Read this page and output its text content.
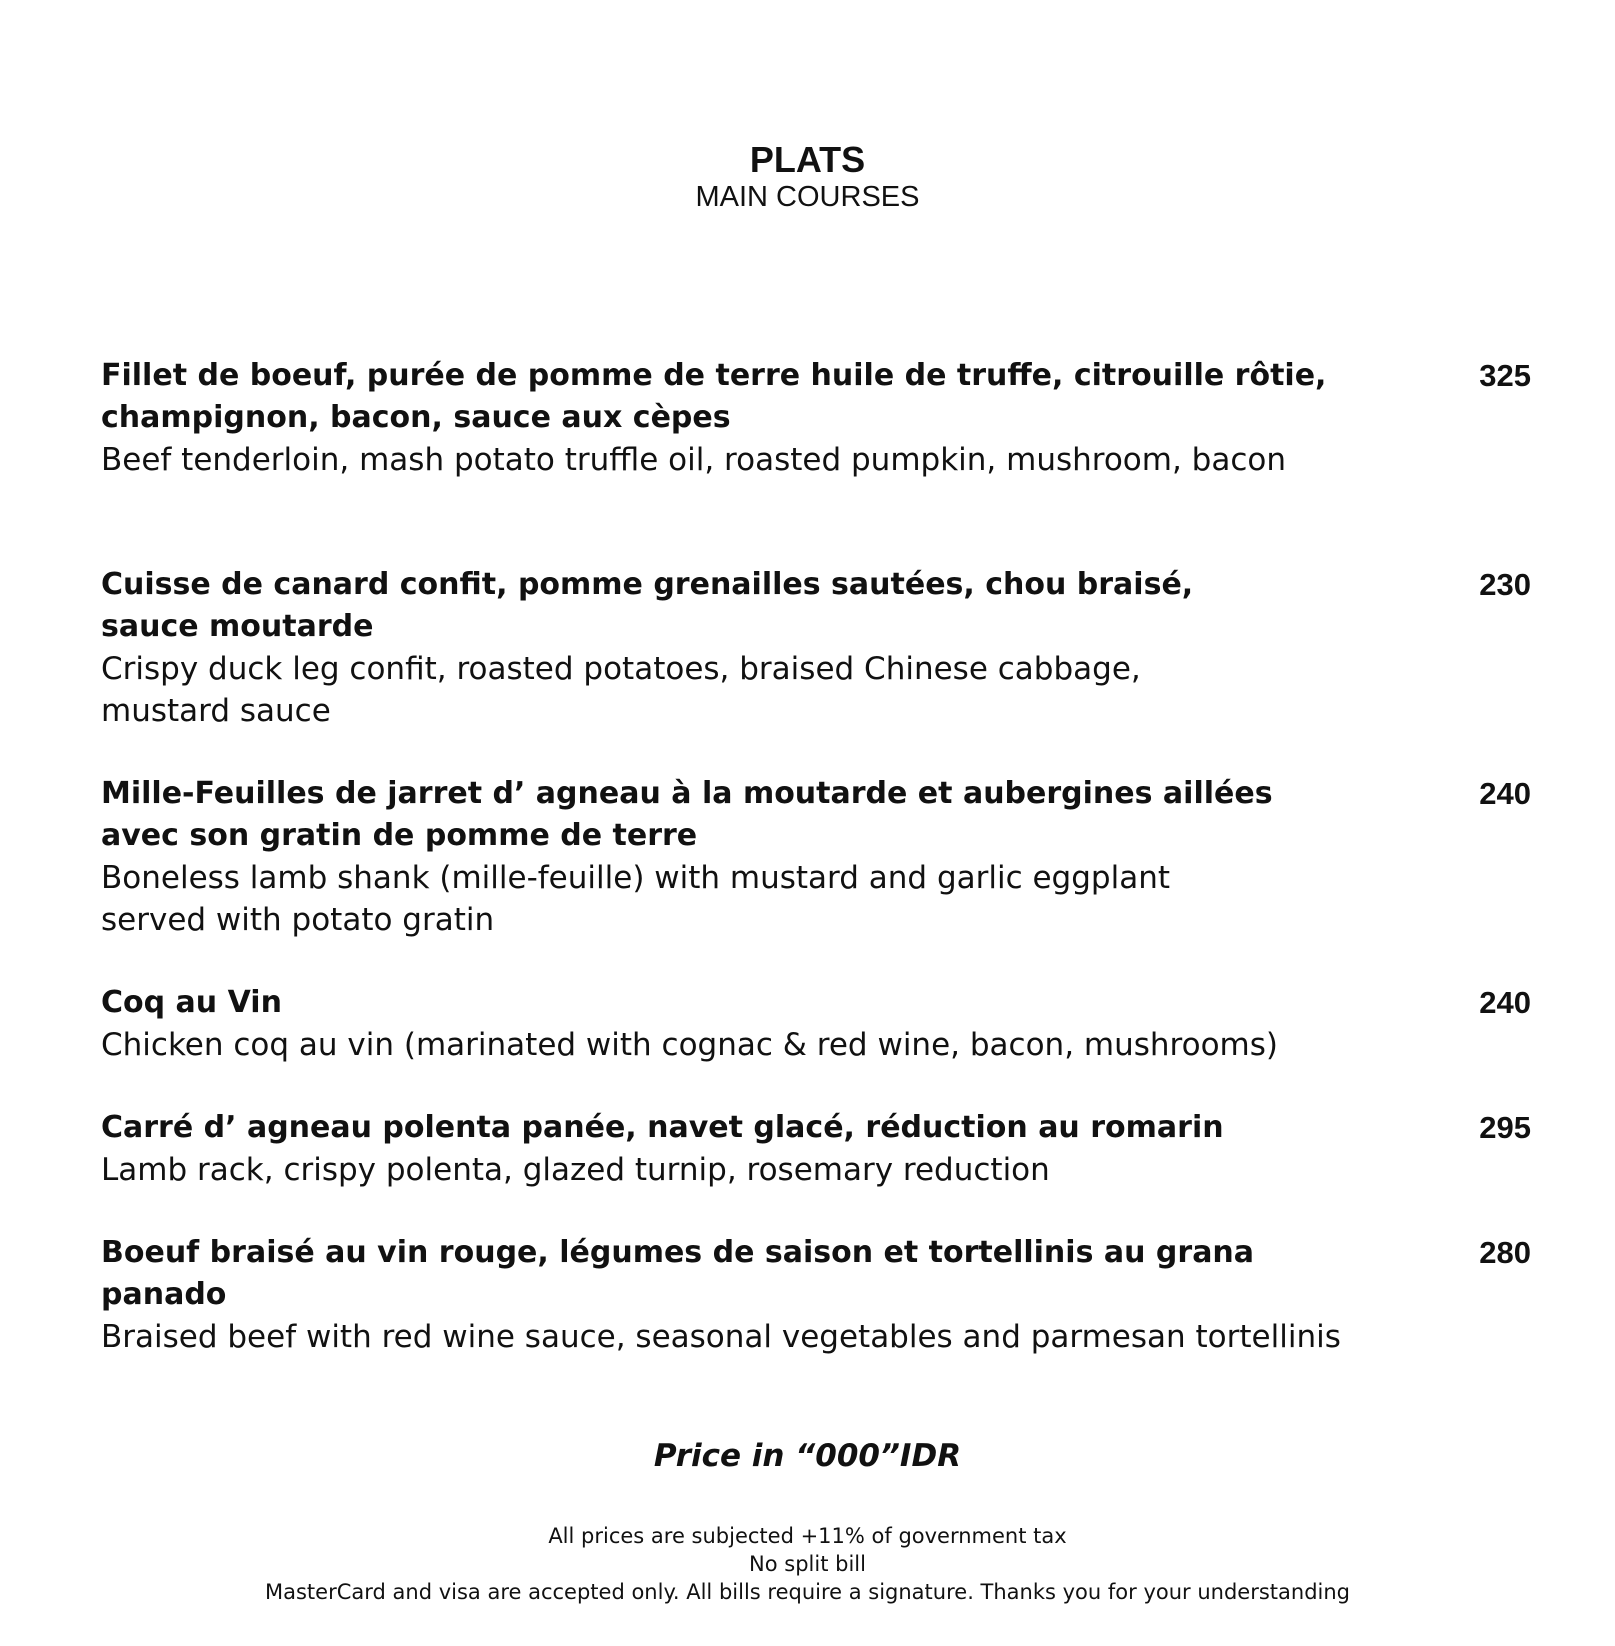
PLATS
MAIN COURSES
Fillet de boeuf, purée de pomme de terre huile de truffe, citrouille rôtie,
champignon, bacon, sauce aux cèpes
Beef tenderloin, mash potato truffle oil, roasted pumpkin, mushroom, bacon
325
Cuisse de canard confit, pomme grenailles sautées, chou braisé,
sauce moutarde
Crispy duck leg confit, roasted potatoes, braised Chinese cabbage,
mustard sauce
230
Mille-Feuilles de jarret d’ agneau à la moutarde et aubergines aillées
avec son gratin de pomme de terre
Boneless lamb shank (mille-feuille) with mustard and garlic eggplant
served with potato gratin
240
Coq au Vin
Chicken coq au vin (marinated with cognac & red wine, bacon, mushrooms)
240
Carré d’ agneau polenta panée, navet glacé, réduction au romarin
Lamb rack, crispy polenta, glazed turnip, rosemary reduction
295
Boeuf braisé au vin rouge, légumes de saison et tortellinis au grana panado
Braised beef with red wine sauce, seasonal vegetables and parmesan tortellinis
280
Price in “000”IDR
All prices are subjected +11% of government tax
No split bill
MasterCard and visa are accepted only. All bills require a signature. Thanks you for your understanding
